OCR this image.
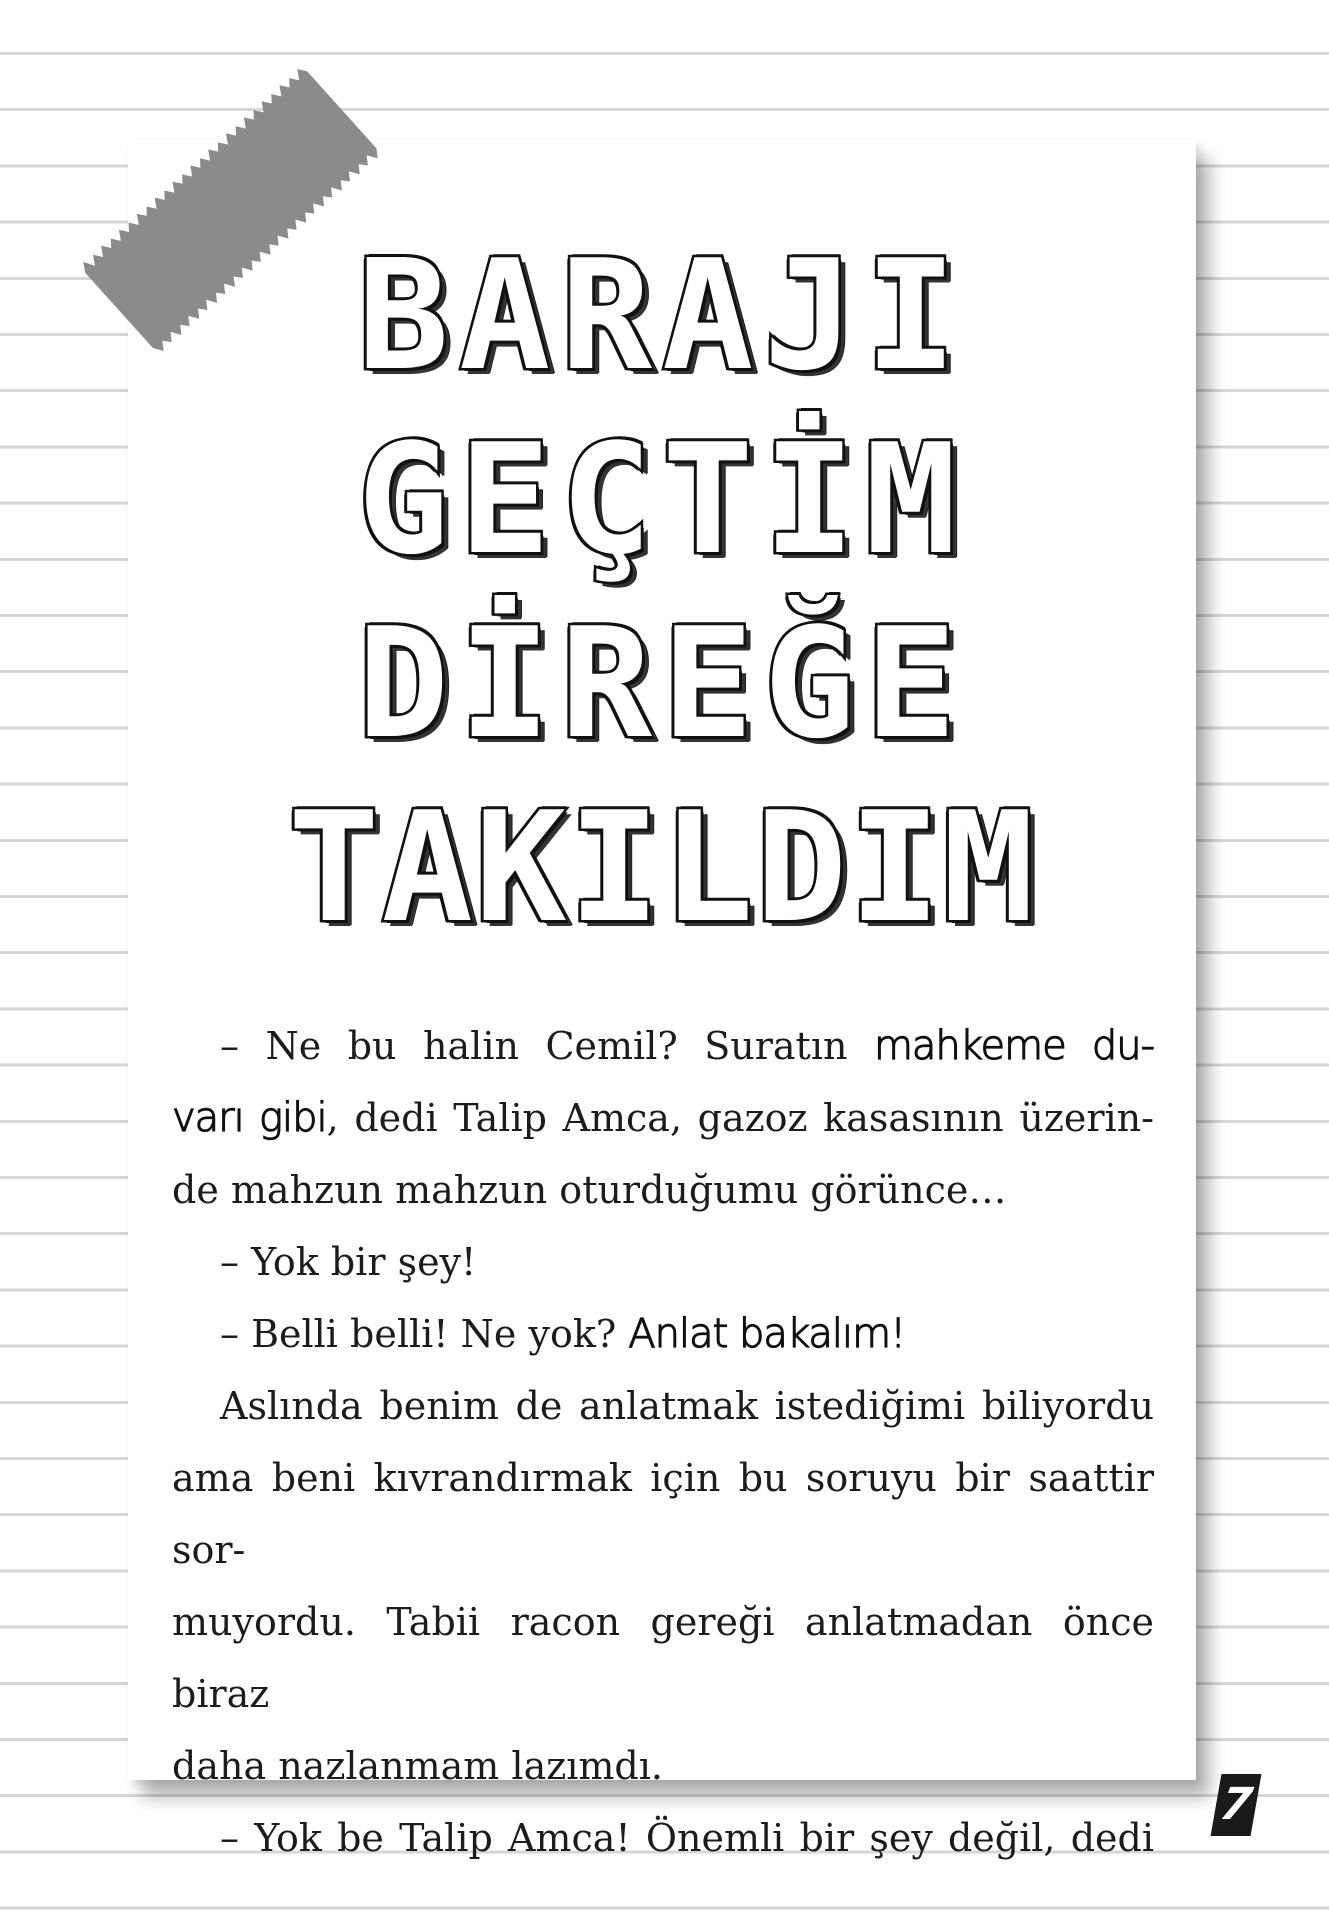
BARAJI
GEÇTİM
DİREĞE
TAKILDIM

– Ne bu halin Cemil? Suratın mahkeme du-

varı gibi, dedi Talip Amca, gazoz kasasının üzerin-

de mahzun mahzun oturduğumu görünce…

– Yok bir şey!

– Belli belli! Ne yok? Anlat bakalım!

Aslında benim de anlatmak istediğimi biliyordu

ama beni kıvrandırmak için bu soruyu bir saattir sor-

muyordu. Tabii racon gereği anlatmadan önce biraz

daha nazlanmam lazımdı.

– Yok be Talip Amca! Önemli bir şey değil, dedi

7
